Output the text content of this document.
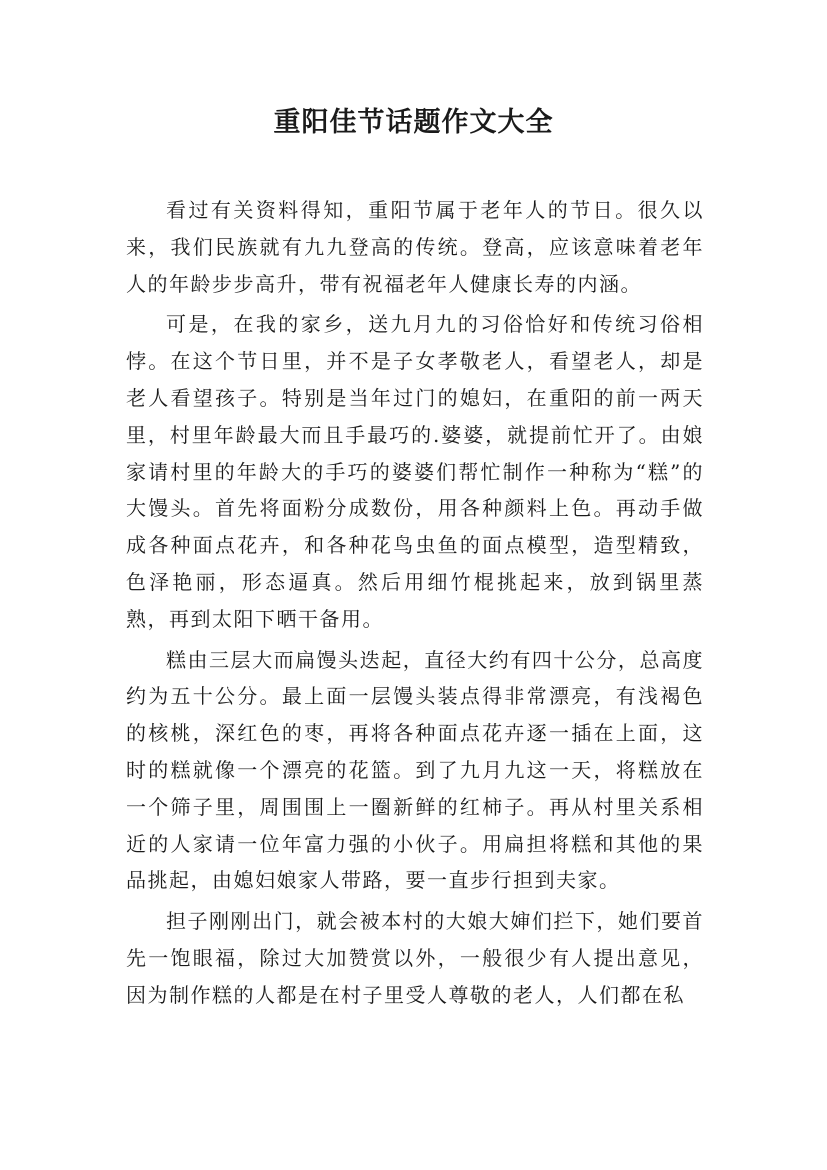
重阳佳节话题作文大全

看过有关资料得知，重阳节属于老年人的节日。很久以来，我们民族就有九九登高的传统。登高，应该意味着老年人的年龄步步高升，带有祝福老年人健康长寿的内涵。

可是，在我的家乡，送九月九的习俗恰好和传统习俗相悖。在这个节日里，并不是子女孝敬老人，看望老人，却是老人看望孩子。特别是当年过门的媳妇，在重阳的前一两天里，村里年龄最大而且手最巧的.婆婆，就提前忙开了。由娘家请村里的年龄大的手巧的婆婆们帮忙制作一种称为“糕”的大馒头。首先将面粉分成数份，用各种颜料上色。再动手做成各种面点花卉，和各种花鸟虫鱼的面点模型，造型精致，色泽艳丽，形态逼真。然后用细竹棍挑起来，放到锅里蒸熟，再到太阳下晒干备用。

糕由三层大而扁馒头迭起，直径大约有四十公分，总高度约为五十公分。最上面一层馒头装点得非常漂亮，有浅褐色的核桃，深红色的枣，再将各种面点花卉逐一插在上面，这时的糕就像一个漂亮的花篮。到了九月九这一天，将糕放在一个筛子里，周围围上一圈新鲜的红柿子。再从村里关系相近的人家请一位年富力强的小伙子。用扁担将糕和其他的果品挑起，由媳妇娘家人带路，要一直步行担到夫家。

担子刚刚出门，就会被本村的大娘大婶们拦下，她们要首先一饱眼福，除过大加赞赏以外，一般很少有人提出意见，因为制作糕的人都是在村子里受人尊敬的老人，人们都在私
